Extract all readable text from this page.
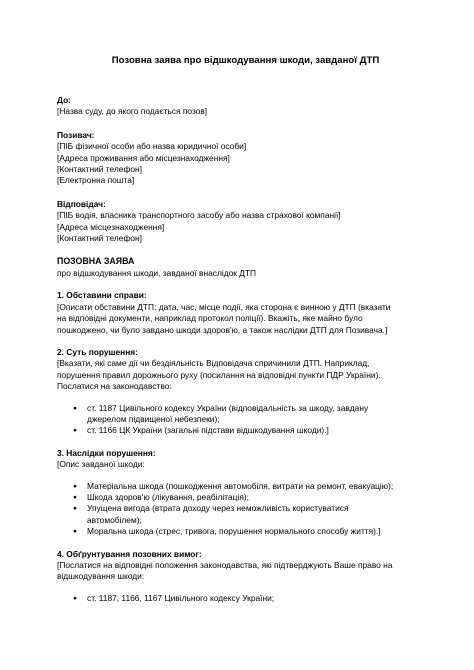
Позовна заява про відшкодування шкоди, завданої ДТП

До:

[Назва суду, до якого подається позов]

Позивач:

[ПІБ фізичної особи або назва юридичної особи]

[Адреса проживання або місцезнаходження]

[Контактний телефон]

[Електронна пошта]

Відповідач:

[ПІБ водія, власника транспортного засобу або назва страхової компанії]

[Адреса місцезнаходження]

[Контактний телефон]

ПОЗОВНА ЗАЯВА

про відшкодування шкоди, завданої внаслідок ДТП

1. Обставини справи:

[Описати обставини ДТП: дата, час, місце події, яка сторона є винною у ДТП (вказати

на відповідні документи, наприклад протокол поліції). Вкажіть, яке майно було

пошкоджено, чи було завдано шкоди здоров'ю, а також наслідки ДТП для Позивача.]

2. Суть порушення:

[Вказати, які саме дії чи бездіяльність Відповідача спричинили ДТП. Наприклад,

порушення правил дорожнього руху (посилання на відповідні пункти ПДР України).

Послатися на законодавство:

● ст. 1187 Цивільного кодексу України (відповідальність за шкоду, завдану
джерелом підвищеної небезпеки);
● ст. 1166 ЦК України (загальні підстави відшкодування шкоди).]

3. Наслідки порушення:

[Опис завданої шкоди:

● Матеріальна шкода (пошкодження автомобіля, витрати на ремонт, евакуацію);
● Шкода здоров'ю (лікування, реабілітація);
● Упущена вигода (втрата доходу через неможливість користуватися
автомобілем);
● Моральна шкода (стрес, тривога, порушення нормального способу життя).]

4. Обґрунтування позовних вимог:

[Послатися на відповідні положення законодавства, які підтверджують Ваше право на

відшкодування шкоди:

● ст. 1187, 1166, 1167 Цивільного кодексу України;
